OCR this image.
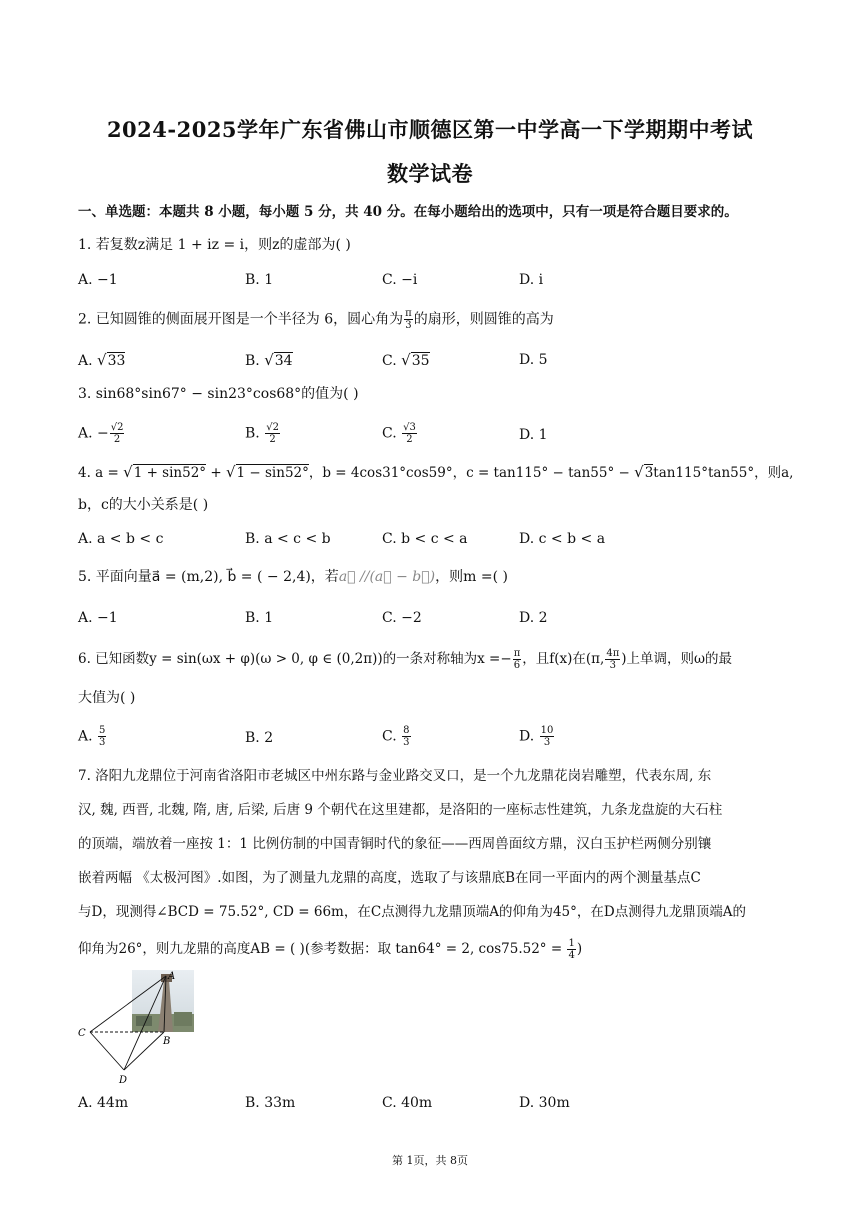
2024-2025学年广东省佛山市顺德区第一中学高一下学期期中考试
数学试卷
一、单选题：本题共 8 小题，每小题 5 分，共 40 分。在每小题给出的选项中，只有一项是符合题目要求的。
1. 若复数z满足 1 + iz = i，则z的虚部为( )
A. −1	B. 1	C. −i	D. i
2. 已知圆锥的侧面展开图是一个半径为 6，圆心角为 $\frac{\pi}{3}$ 的扇形，则圆锥的高为
A. √33	B. √34	C. √35	D. 5
3. sin68°sin67° − sin23°cos68°的值为( )
A. − $\frac{√2}{2}$	B. $\frac{√2}{2}$	C. $\frac{√3}{2}$	D. 1
4. a = √1 + sin52° + √1 − sin52°，b = 4cos31°cos59°，c = tan115° − tan55° − √3tan115°tan55°，则a,
b，c的大小关系是( )
A. a < b < c	B. a < c < b	C. b < c < a	D. c < b < a
5. 平面向量a⃗ = (m,2), b⃗ = ( − 2,4)，若a⃗ //(a⃗ − b⃗)，则m =( )
A. −1	B. 1	C. −2	D. 2
6. 已知函数y = sin(ωx + φ)(ω > 0, φ ∈ (0,2π))的一条对称轴为$x =- \frac{\pi}{6}$ ，且f(x)在(π, $\frac{4\pi}{3}$ )上单调，则ω的最
大值为( )
A. $\frac{5}{3}$	B. 2	C. $\frac{8}{3}$	D. $\frac{10}{3}$
7. 洛阳九龙鼎位于河南省洛阳市老城区中州东路与金业路交叉口，是一个九龙鼎花岗岩雕塑，代表东周, 东
汉, 魏, 西晋, 北魏, 隋, 唐, 后梁, 后唐 9 个朝代在这里建都，是洛阳的一座标志性建筑，九条龙盘旋的大石柱
的顶端，端放着一座按 1：1 比例仿制的中国青铜时代的象征——西周兽面纹方鼎，汉白玉护栏两侧分别镶
嵌着两幅 《太极河图》.如图，为了测量九龙鼎的高度，选取了与该鼎底B在同一平面内的两个测量基点C
与D，现测得∠BCD = 75.52°, CD = 66m，在C点测得九龙鼎顶端A的仰角为45°，在D点测得九龙鼎顶端A的
仰角为26°，则九龙鼎的高度AB = ( )(参考数据：取 tan64° = 2, $\cos 75.52^\circ = \frac{1}{4}$ )
A
B
C
D
A. 44m	B. 33m	C. 40m	D. 30m
第 1页，共 8页
